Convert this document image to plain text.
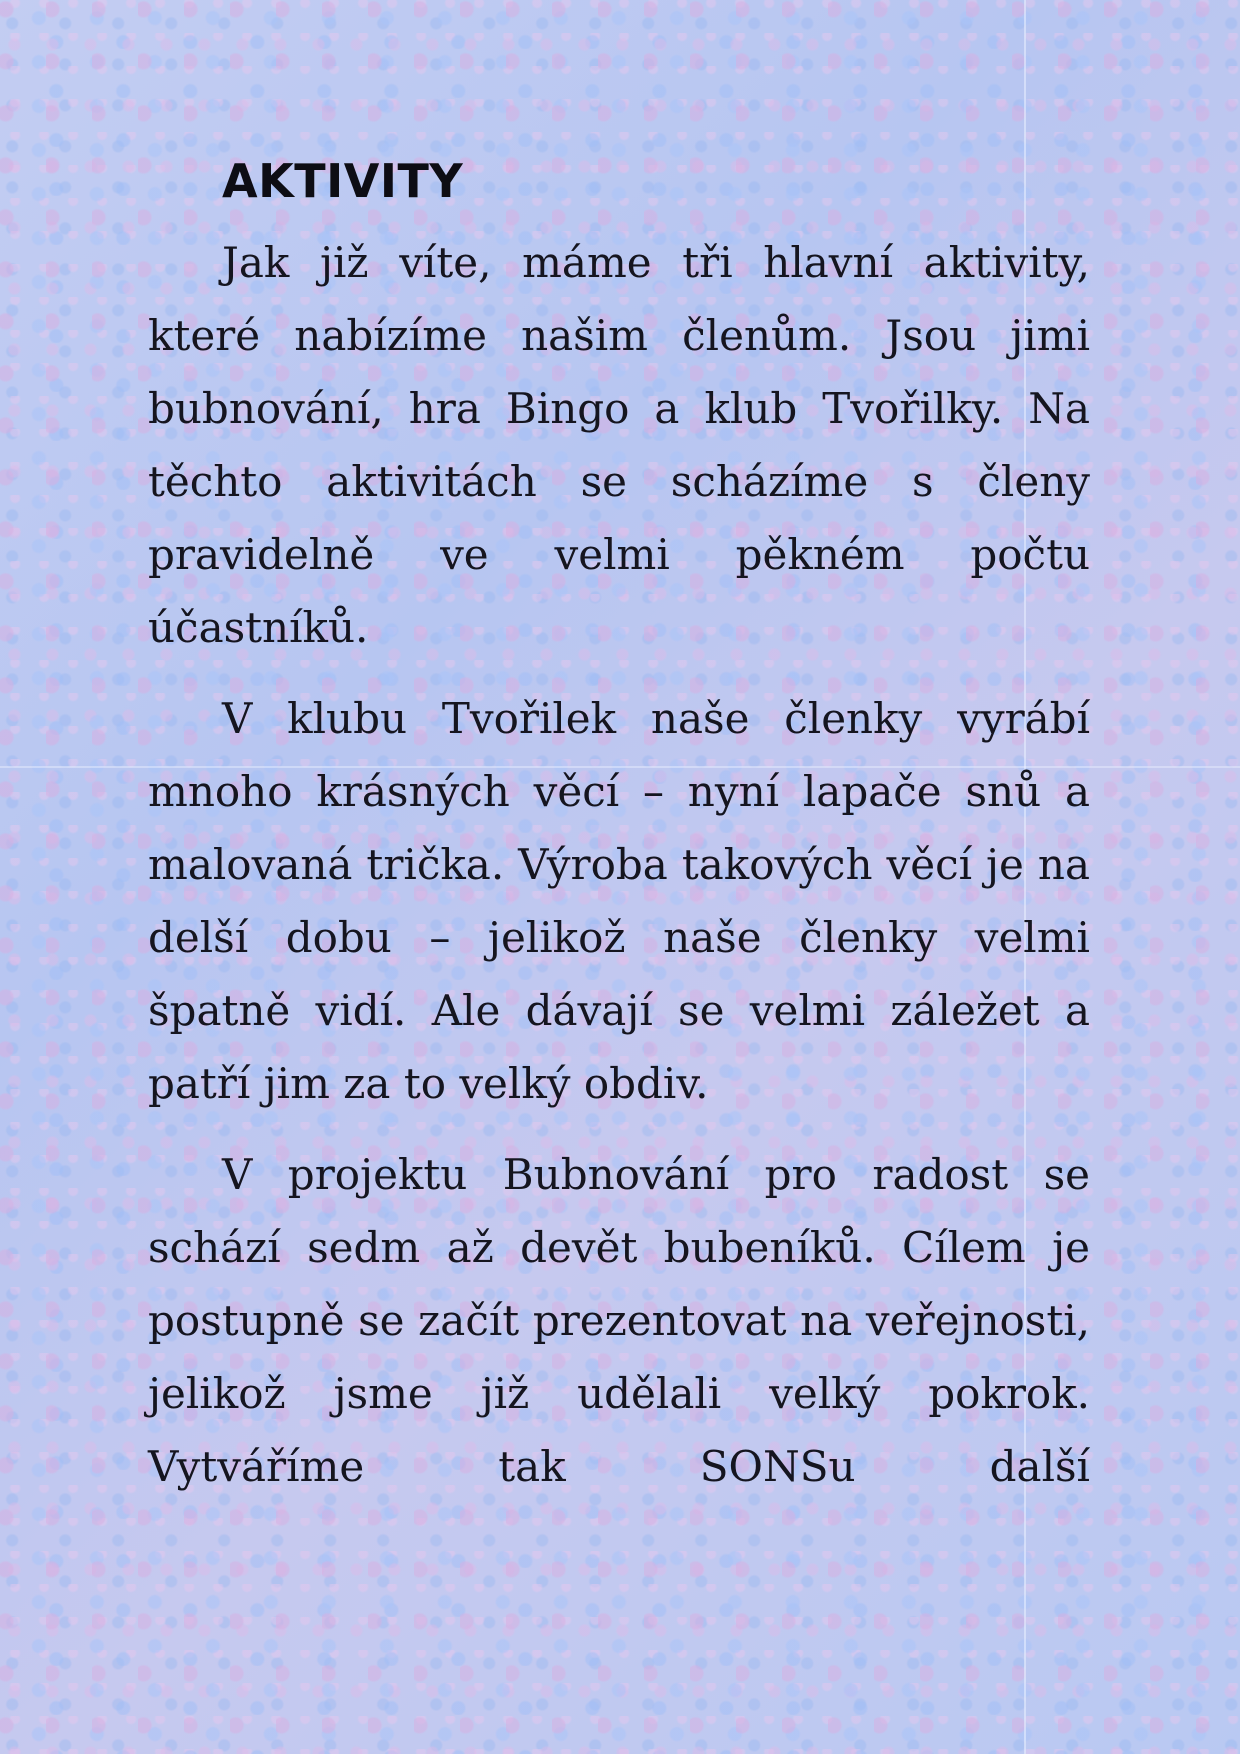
AKTIVITY

Jak již víte, máme tři hlavní aktivity, které nabízíme našim členům. Jsou jimi bubnování, hra Bingo a klub Tvořilky. Na těchto aktivitách se scházíme s členy pravidelně ve velmi pěkném počtu účastníků.

V klubu Tvořilek naše členky vyrábí mnoho krásných věcí – nyní lapače snů a malovaná trička. Výroba takových věcí je na delší dobu – jelikož naše členky velmi špatně vidí. Ale dávají se velmi záležet a patří jim za to velký obdiv.

V projektu Bubnování pro radost se schází sedm až devět bubeníků. Cílem je postupně se začít prezentovat na veřejnosti, jelikož jsme již udělali velký pokrok. Vytváříme tak SONSu další
